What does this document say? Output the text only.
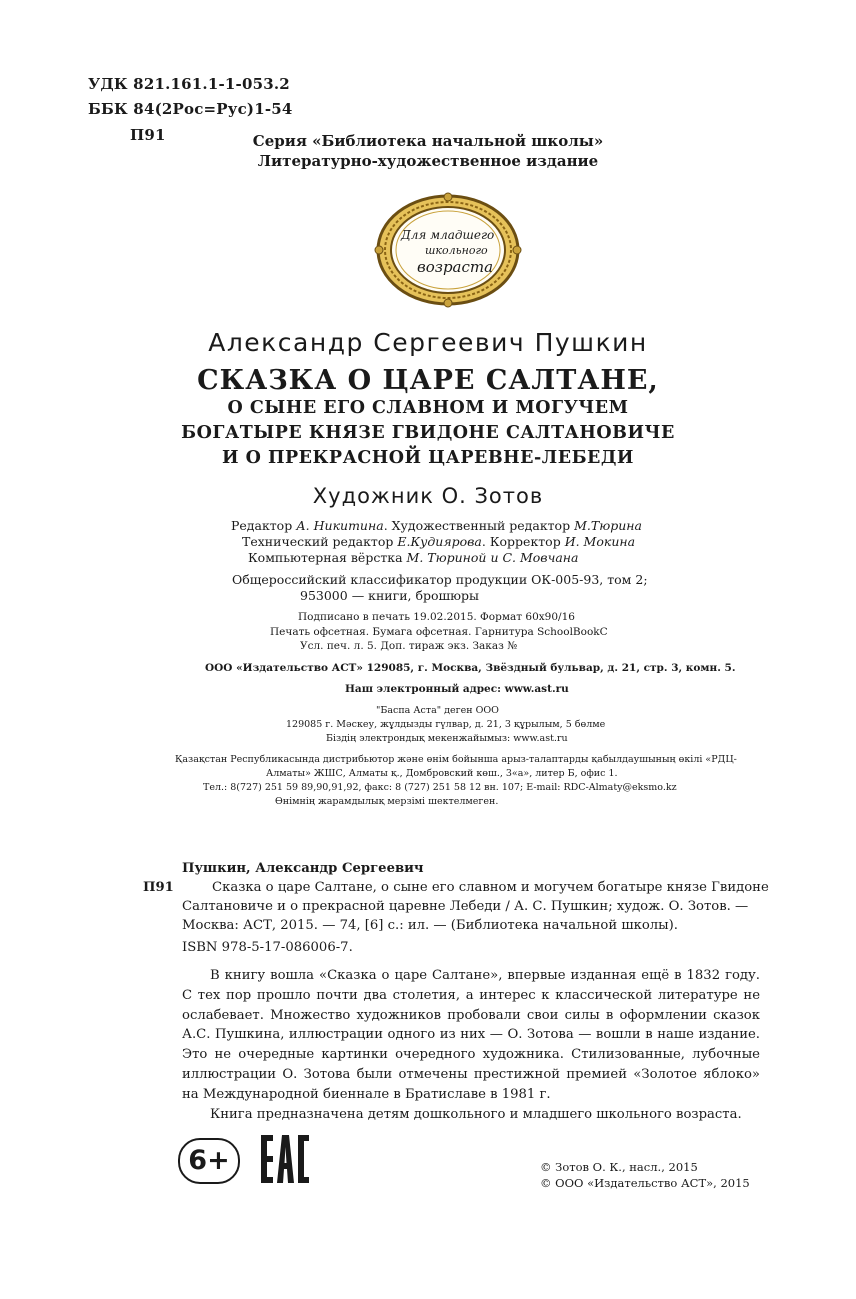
УДК 821.161.1-1-053.2
ББК 84(2Рос=Рус)1-54
П91	Серия «Библиотека начальной школы»
Литературно-художественное издание
Для младшего
школьного
возраста
Александр Сергеевич Пушкин
СКАЗКА О ЦАРЕ САЛТАНЕ,
О СЫНЕ ЕГО СЛАВНОМ И МОГУЧЕМ
БОГАТЫРЕ КНЯЗЕ ГВИДОНЕ САЛТАНОВИЧЕ
И О ПРЕКРАСНОЙ ЦАРЕВНЕ-ЛЕБЕДИ
Художник О. Зотов
Редактор А. Никитина. Художественный редактор М.Тюрина
Технический редактор Е.Кудиярова. Корректор И. Мокина
Компьютерная вёрстка М. Тюриной и С. Мовчана
Общероссийский классификатор продукции ОК-005-93, том 2;
953000 — книги, брошюры
Подписано в печать 19.02.2015. Формат 60х90/16
Печать офсетная. Бумага офсетная. Гарнитура SchoolBookC
Усл. печ. л. 5. Доп. тираж экз. Заказ №
ООО «Издательство АСТ» 129085, г. Москва, Звёздный бульвар, д. 21, стр. 3, комн. 5.
Наш электронный адрес: www.ast.ru
"Баспа Аста" деген ООО
129085 г. Мәскеу, жұлдызды гүлвар, д. 21, 3 құрылым, 5 бөлме
Біздің электрондық мекенжайымыз: www.ast.ru
Қазақстан Республикасында дистрибьютор және өнім бойынша арыз-талаптарды қабылдаушының өкілі «РДЦ-
Алматы» ЖШС, Алматы қ., Домбровский көш., 3«а», литер Б, офис 1.
Тел.: 8(727) 251 59 89,90,91,92, факс: 8 (727) 251 58 12 вн. 107; E-mail: RDC-Almaty@eksmo.kz
Өнімнің жарамдылық мерзімі шектелмеген.
Пушкин, Александр Сергеевич
П91	Сказка о царе Салтане, о сыне его славном и могучем богатыре князе Гвидоне
Салтановиче и о прекрасной царевне Лебеди / А. С. Пушкин; худож. О. Зотов. —
Москва: АСТ, 2015. — 74, [6] с.: ил. — (Библиотека начальной школы).
ISBN 978-5-17-086006-7.

В книгу вошла «Сказка о царе Салтане», впервые изданная ещё в 1832 году. С тех пор прошло почти два столетия, а интерес к классической литературе не ослабевает. Множество художников пробовали свои силы в оформлении сказок А.С. Пушкина, иллюстрации одного из них — О. Зотова — вошли в наше издание. Это не очередные картинки очередного художника. Стилизованные, лубочные иллюстрации О. Зотова были отмечены престижной премией «Золотое яблоко» на Международной биеннале в Братиславе в 1981 г.

Книга предназначена детям дошкольного и младшего школьного возраста.

6+	© Зотов О. К., насл., 2015
© ООО «Издательство АСТ», 2015
